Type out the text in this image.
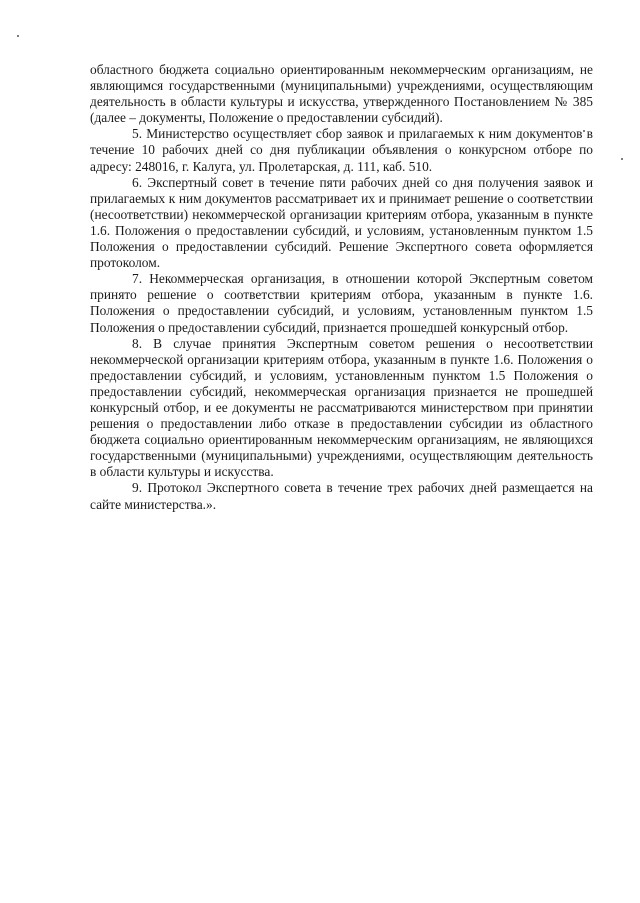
областного бюджета социально ориентированным некоммерческим организациям, не являющимся государственными (муниципальными) учреждениями, осуществляющим деятельность в области культуры и искусства, утвержденного Постановлением № 385 (далее – документы, Положение о предоставлении субсидий).

5. Министерство осуществляет сбор заявок и прилагаемых к ним документов в течение 10 рабочих дней со дня публикации объявления о конкурсном отборе по адресу: 248016, г. Калуга, ул. Пролетарская, д. 111, каб. 510.

6. Экспертный совет в течение пяти рабочих дней со дня получения заявок и прилагаемых к ним документов рассматривает их и принимает решение о соответствии (несоответствии) некоммерческой организации критериям отбора, указанным в пункте 1.6. Положения о предоставлении субсидий, и условиям, установленным пунктом 1.5 Положения о предоставлении субсидий. Решение Экспертного совета оформляется протоколом.

7. Некоммерческая организация, в отношении которой Экспертным советом принято решение о соответствии критериям отбора, указанным в пункте 1.6. Положения о предоставлении субсидий, и условиям, установленным пунктом 1.5 Положения о предоставлении субсидий, признается прошедшей конкурсный отбор.

8. В случае принятия Экспертным советом решения о несоответствии некоммерческой организации критериям отбора, указанным в пункте 1.6. Положения о предоставлении субсидий, и условиям, установленным пунктом 1.5 Положения о предоставлении субсидий, некоммерческая организация признается не прошедшей конкурсный отбор, и ее документы не рассматриваются министерством при принятии решения о предоставлении либо отказе в предоставлении субсидии из областного бюджета социально ориентированным некоммерческим организациям, не являющихся государственными (муниципальными) учреждениями, осуществляющим деятельность в области культуры и искусства.

9. Протокол Экспертного совета в течение трех рабочих дней размещается на сайте министерства.».
